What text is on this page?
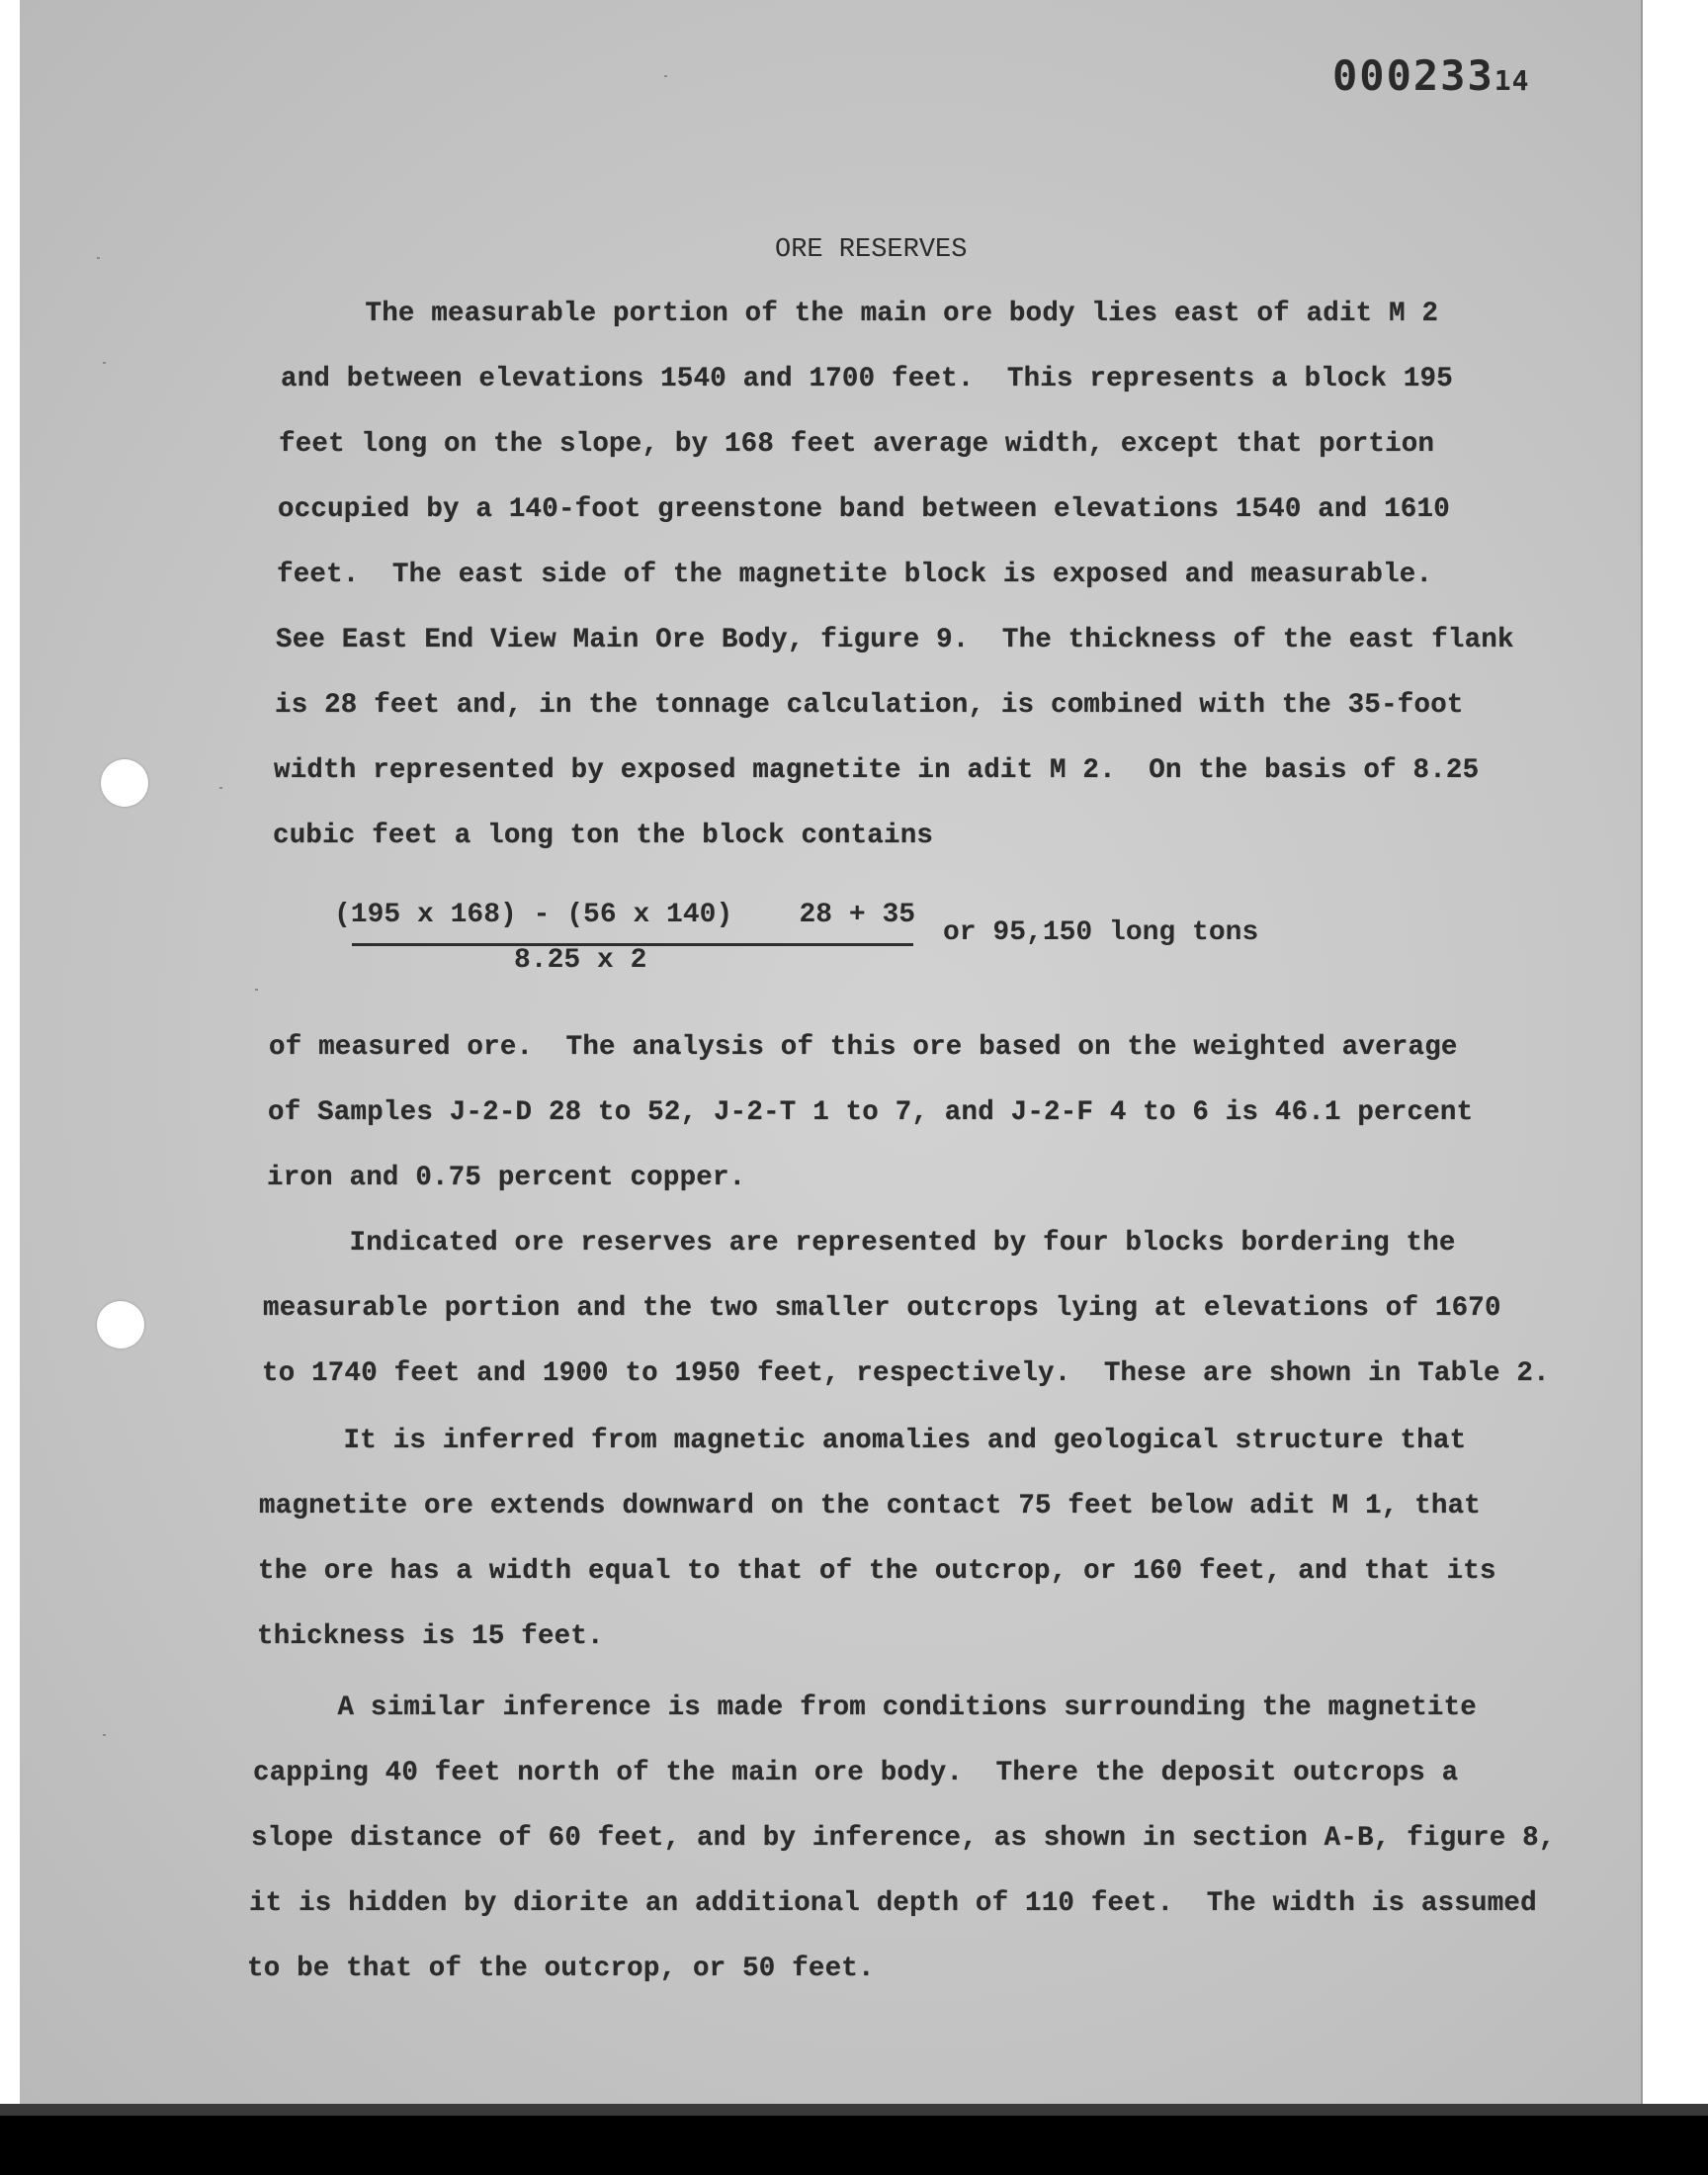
00023314
ORE RESERVES
The measurable portion of the main ore body lies east of adit M 2
and between elevations 1540 and 1700 feet.  This represents a block 195
feet long on the slope, by 168 feet average width, except that portion
occupied by a 140-foot greenstone band between elevations 1540 and 1610
feet.  The east side of the magnetite block is exposed and measurable.
See East End View Main Ore Body, figure 9.  The thickness of the east flank
is 28 feet and, in the tonnage calculation, is combined with the 35-foot
width represented by exposed magnetite in adit M 2.  On the basis of 8.25
cubic feet a long ton the block contains
(195 x 168) - (56 x 140)    28 + 35
8.25 x 2
or 95,150 long tons
of measured ore.  The analysis of this ore based on the weighted average
of Samples J-2-D 28 to 52, J-2-T 1 to 7, and J-2-F 4 to 6 is 46.1 percent
iron and 0.75 percent copper.
Indicated ore reserves are represented by four blocks bordering the
measurable portion and the two smaller outcrops lying at elevations of 1670
to 1740 feet and 1900 to 1950 feet, respectively.  These are shown in Table 2.
It is inferred from magnetic anomalies and geological structure that
magnetite ore extends downward on the contact 75 feet below adit M 1, that
the ore has a width equal to that of the outcrop, or 160 feet, and that its
thickness is 15 feet.
A similar inference is made from conditions surrounding the magnetite
capping 40 feet north of the main ore body.  There the deposit outcrops a
slope distance of 60 feet, and by inference, as shown in section A-B, figure 8,
it is hidden by diorite an additional depth of 110 feet.  The width is assumed
to be that of the outcrop, or 50 feet.
